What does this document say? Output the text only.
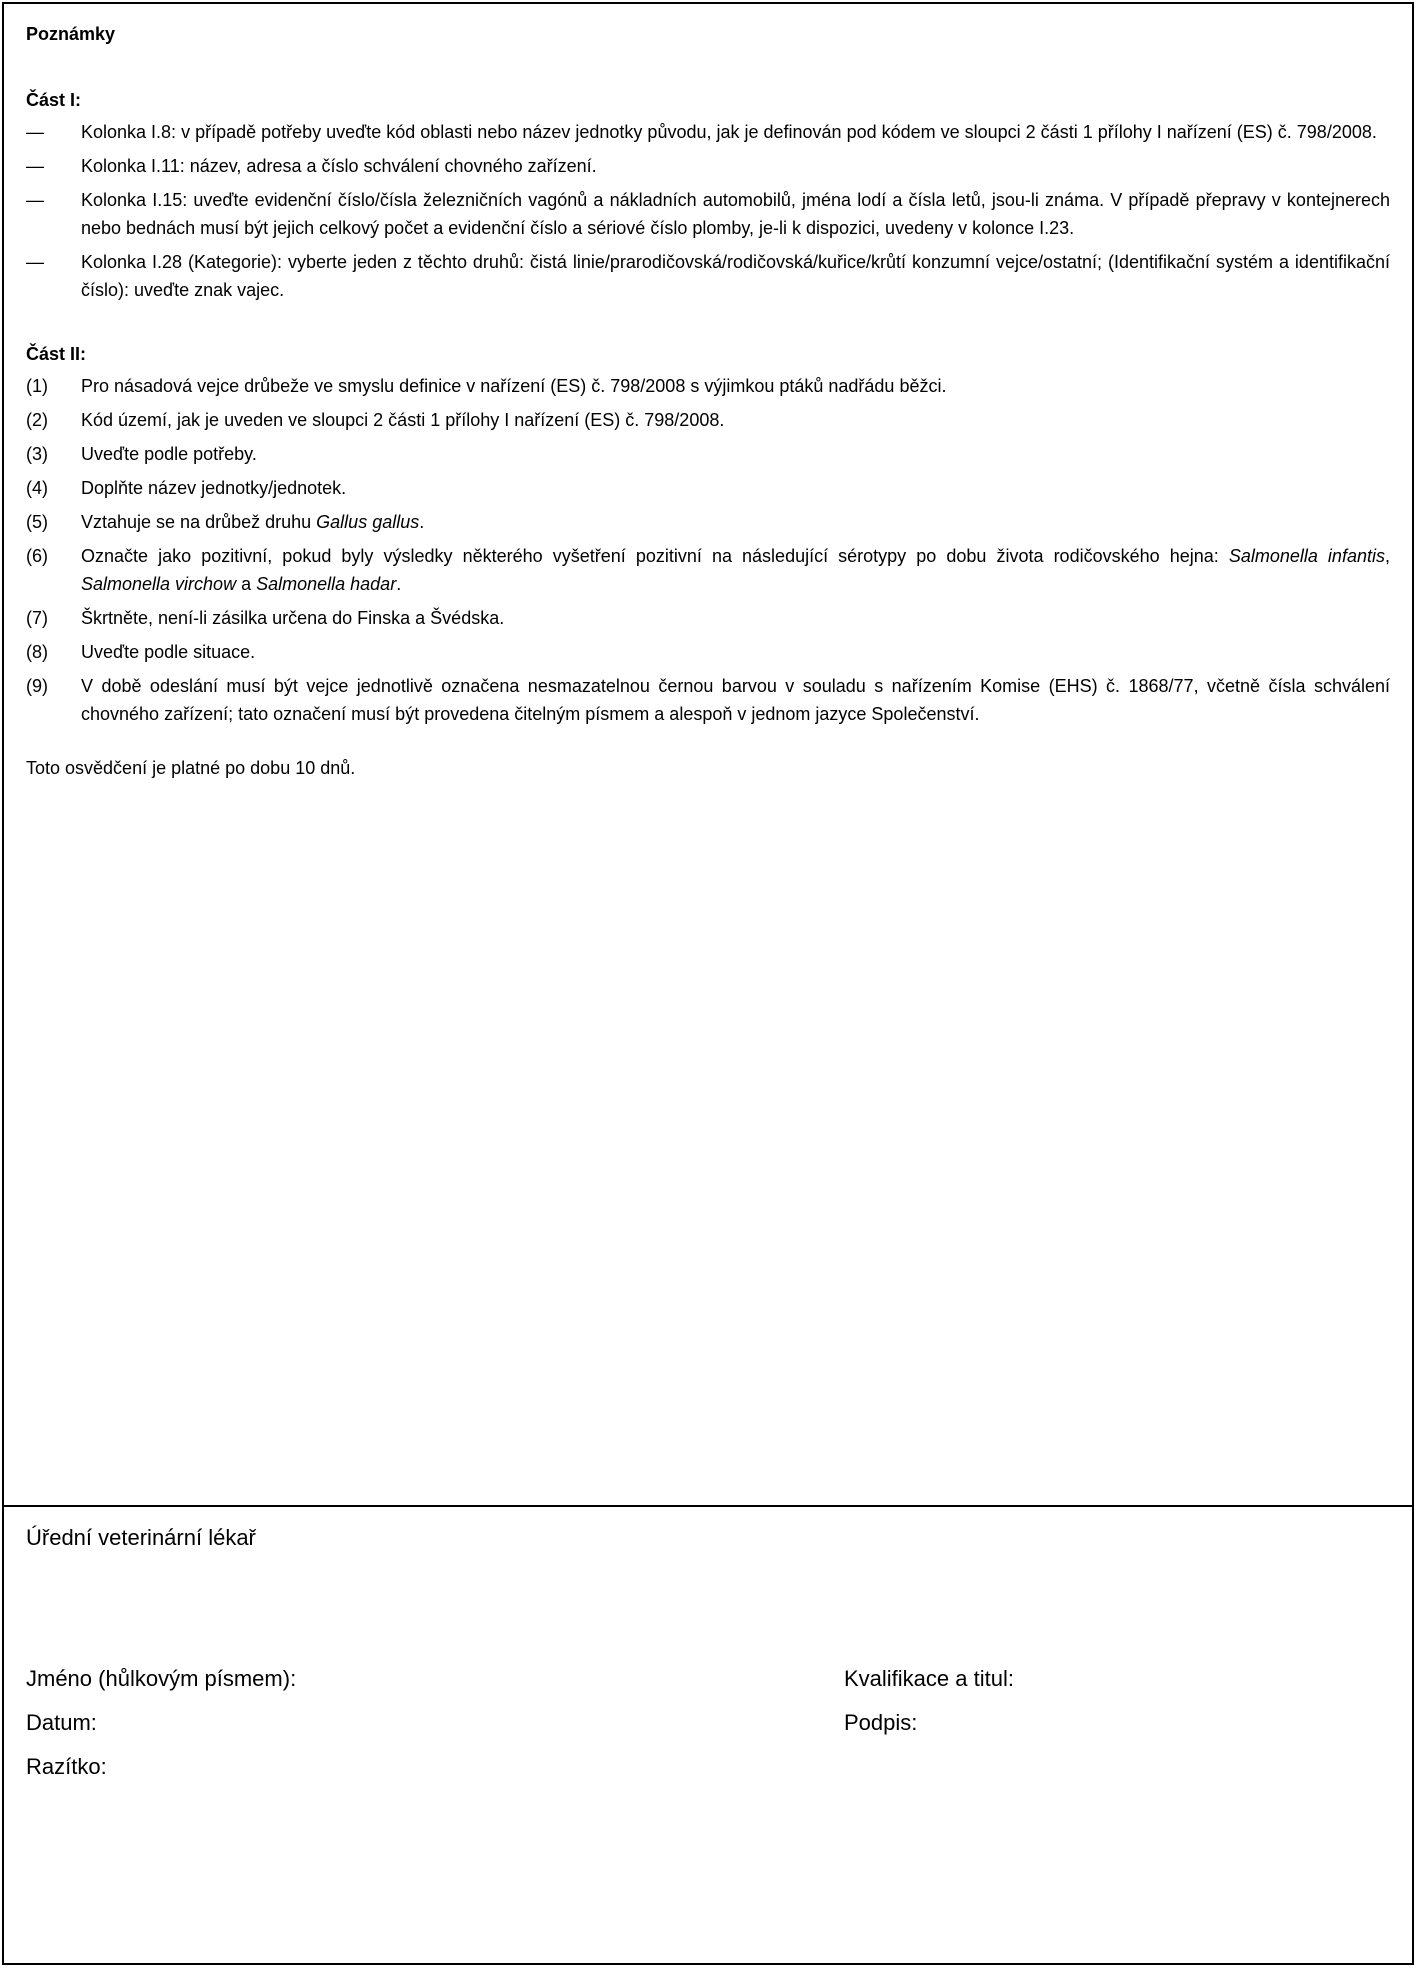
Poznámky
Část I:
—	Kolonka I.8: v případě potřeby uveďte kód oblasti nebo název jednotky původu, jak je definován pod kódem ve sloupci 2 části 1 přílohy I nařízení (ES) č. 798/2008.
—	Kolonka I.11: název, adresa a číslo schválení chovného zařízení.
—	Kolonka I.15: uveďte evidenční číslo/čísla železničních vagónů a nákladních automobilů, jména lodí a čísla letů, jsou-li známa. V případě přepravy v kontejnerech nebo bednách musí být jejich celkový počet a evidenční číslo a sériové číslo plomby, je-li k dispozici, uvedeny v kolonce I.23.
—	Kolonka I.28 (Kategorie): vyberte jeden z těchto druhů: čistá linie/prarodičovská/rodičovská/kuřice/krůtí konzumní vejce/ostatní; (Identifikační systém a identifikační číslo): uveďte znak vajec.
Část II:
(1)	Pro násadová vejce drůbeže ve smyslu definice v nařízení (ES) č. 798/2008 s výjimkou ptáků nadřádu běžci.
(2)	Kód území, jak je uveden ve sloupci 2 části 1 přílohy I nařízení (ES) č. 798/2008.
(3)	Uveďte podle potřeby.
(4)	Doplňte název jednotky/jednotek.
(5)	Vztahuje se na drůbež druhu Gallus gallus.
(6)	Označte jako pozitivní, pokud byly výsledky některého vyšetření pozitivní na následující sérotypy po dobu života rodičovského hejna: Salmonella infantis, Salmonella virchow a Salmonella hadar.
(7)	Škrtněte, není-li zásilka určena do Finska a Švédska.
(8)	Uveďte podle situace.
(9)	V době odeslání musí být vejce jednotlivě označena nesmazatelnou černou barvou v souladu s nařízením Komise (EHS) č. 1868/77, včetně čísla schválení chovného zařízení; tato označení musí být provedena čitelným písmem a alespoň v jednom jazyce Společenství.
Toto osvědčení je platné po dobu 10 dnů.
Úřední veterinární lékař
Jméno (hůlkovým písmem):	Kvalifikace a titul:
Datum:	Podpis:
Razítko:
